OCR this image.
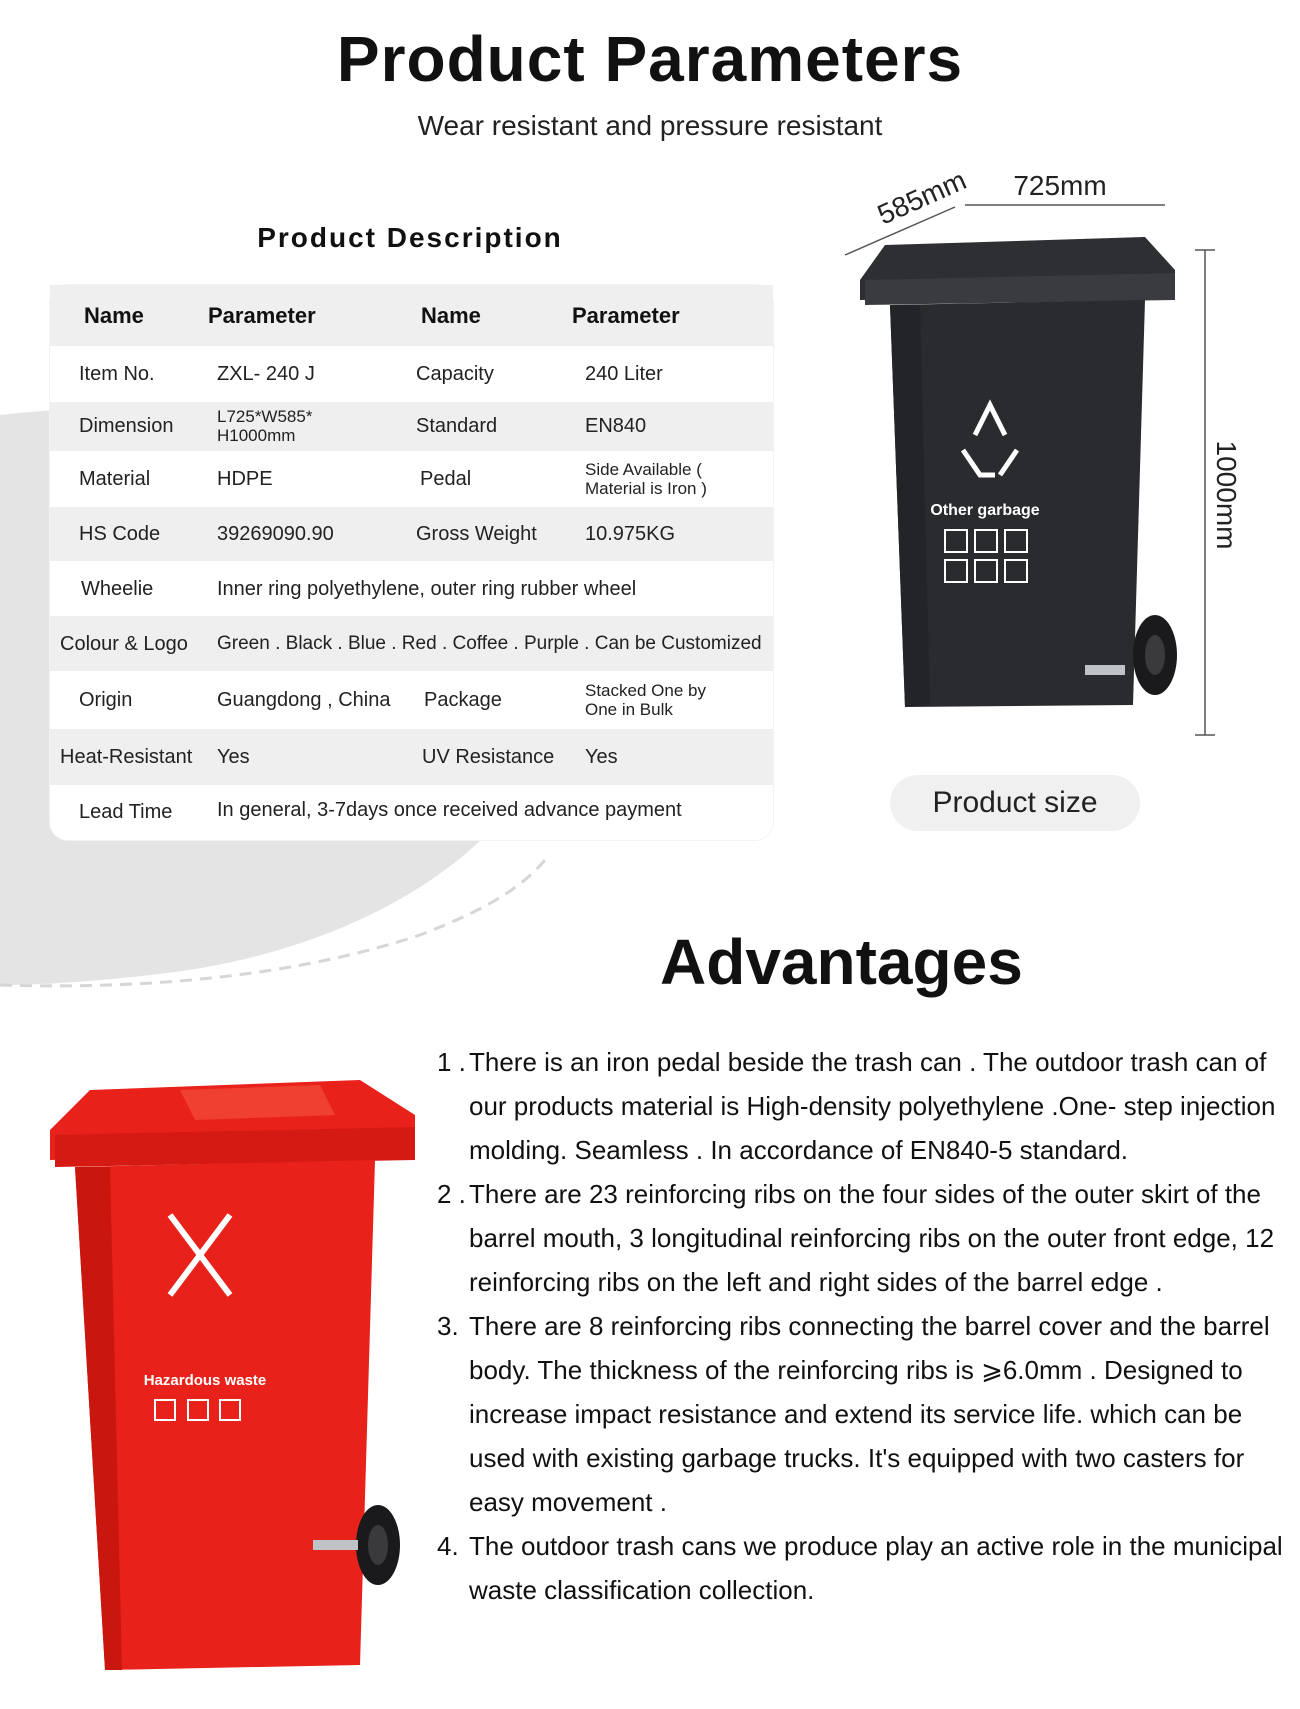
Product Parameters
Wear resistant and pressure resistant
Product Description
Name	Parameter	Name	Parameter
Item No.	ZXL- 240 J	Capacity	240 Liter
Dimension	L725*W585* H1000mm	Standard	EN840
Material	HDPE	Pedal	Side Available ( Material is Iron )
HS Code	39269090.90	Gross Weight 10.975KG
Wheelie	Inner ring polyethylene, outer ring rubber wheel
Colour & Logo Green . Black . Blue . Red . Coffee . Purple . Can be Customized
Origin	Guangdong , China Package	Stacked One by One in Bulk
Heat-Resistant Yes	UV Resistance Yes
Lead Time In general, 3-7days once received advance payment
725mm
585mm
1000mm
Other garbage
Product size
Advantages
Hazardous waste
1 . There is an iron pedal beside the trash can . The outdoor trash can of our products material is High-density polyethylene .One- step injection molding. Seamless . In accordance of EN840-5 standard.
2 . There are 23 reinforcing ribs on the four sides of the outer skirt of the barrel mouth, 3 longitudinal reinforcing ribs on the outer front edge, 12 reinforcing ribs on the left and right sides of the barrel edge .
3. There are 8 reinforcing ribs connecting the barrel cover and the barrel body. The thickness of the reinforcing ribs is ⩾6.0mm . Designed to increase impact resistance and extend its service life. which can be used with existing garbage trucks. It's equipped with two casters for easy movement .
4. The outdoor trash cans we produce play an active role in the municipal waste classification collection.
